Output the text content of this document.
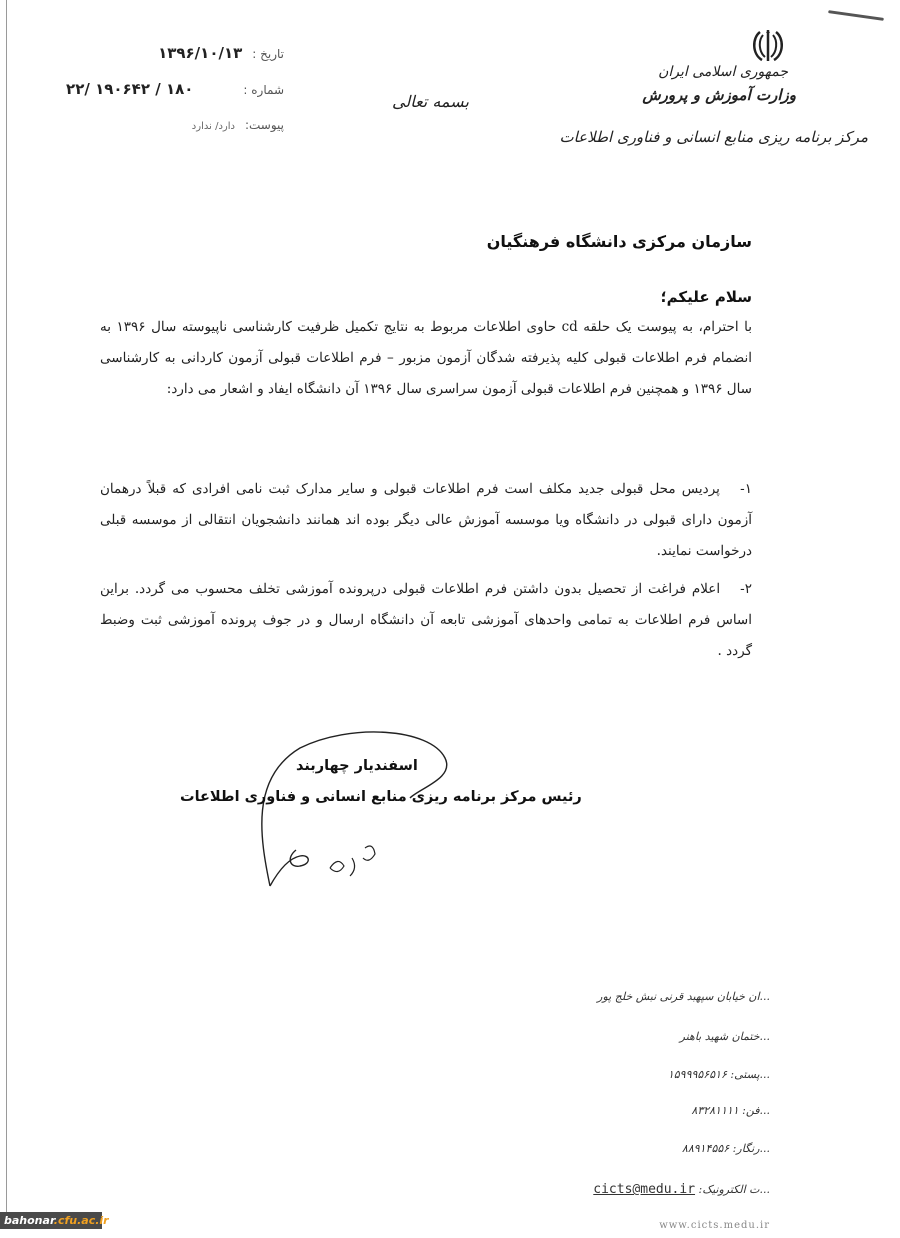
جمهوری اسلامی ایران
وزارت آموزش و پرورش
مرکز برنامه ریزی منابع انسانی و فناوری اطلاعات
بسمه تعالی
تاریخ :
۱۳۹۶/۱۰/۱۳
شماره :
۱۸۰ / ۱۹۰۶۴۲ /۲۲
پیوست:
دارد/ ندارد
سازمان مرکزی دانشگاه فرهنگیان
سلام علیکم؛
با احترام، به پیوست یک حلقه cd حاوی اطلاعات مربوط به نتایج تکمیل ظرفیت کارشناسی ناپیوسته سال ۱۳۹۶ به انضمام فرم اطلاعات قبولی کلیه پذیرفته شدگان آزمون مزبور – فرم اطلاعات قبولی آزمون کاردانی به کارشناسی سال ۱۳۹۶ و همچنین فرم اطلاعات قبولی آزمون سراسری سال ۱۳۹۶ آن دانشگاه ایفاد و اشعار می دارد:
۱- پردیس محل قبولی جدید مکلف است فرم اطلاعات قبولی و سایر مدارک ثبت نامی افرادی که قبلاً درهمان آزمون دارای قبولی در دانشگاه ویا موسسه آموزش عالی دیگر بوده اند همانند دانشجویان انتقالی از موسسه قبلی درخواست نمایند.
۲- اعلام فراغت از تحصیل بدون داشتن فرم اطلاعات قبولی درپرونده آموزشی تخلف محسوب می گردد. براین اساس فرم اطلاعات به تمامی واحدهای آموزشی تابعه آن دانشگاه ارسال و در جوف پرونده آموزشی ثبت وضبط گردد .
اسفندیار چهاربند
رئیس مرکز برنامه ریزی منابع انسانی و فناوری اطلاعات
...ان خیابان سپهبد قرنی نبش خلج پور
...ختمان شهید باهنر
...پستی: ۱۵۹۹۹۵۶۵۱۶
...فن: ۸۳۲۸۱۱۱۱
...رنگار: ۸۸۹۱۴۵۵۶
...ت الکترونیک: cicts@medu.ir
www.cicts.medu.ir
bahonar.cfu.ac.ir
